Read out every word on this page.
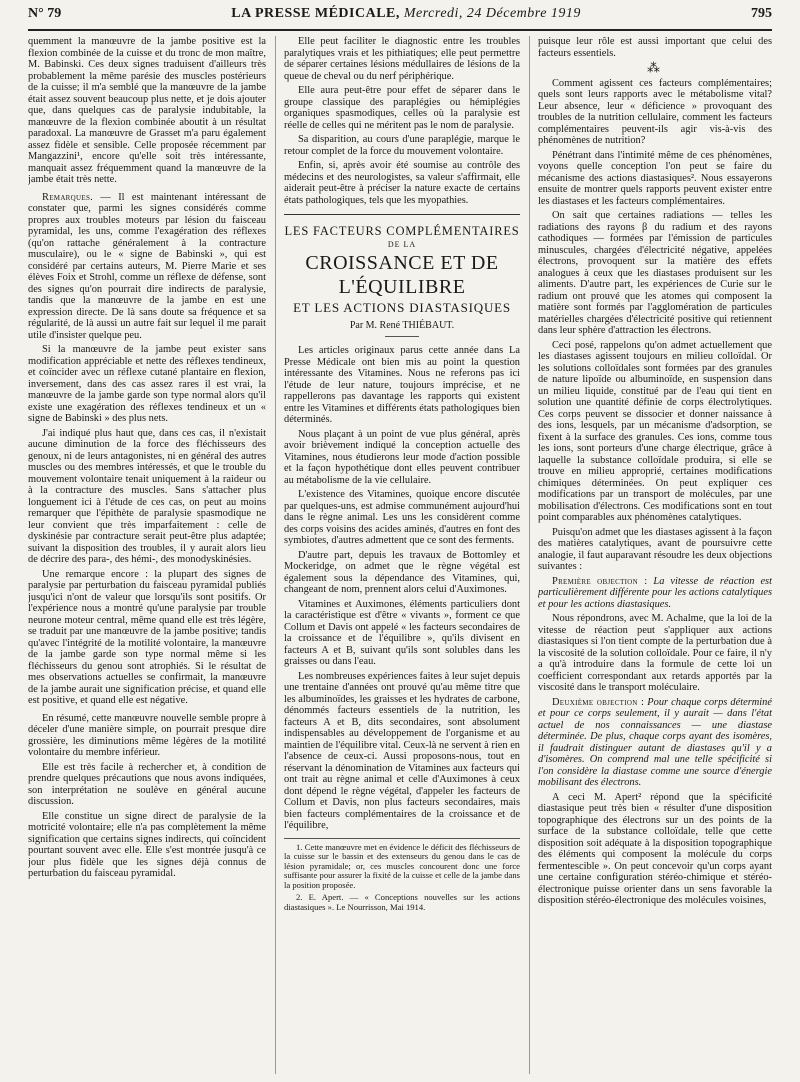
N° 79	LA PRESSE MÉDICALE, Mercredi, 24 Décembre 1919	795

quemment la manœuvre de la jambe positive est la flexion combinée de la cuisse et du tronc de mon maître, M. Babinski. Ces deux signes traduisent d'ailleurs très probablement la même parésie des muscles postérieurs de la cuisse; il m'a semblé que la manœuvre de la jambe était assez souvent beaucoup plus nette, et je dois ajouter que, dans quelques cas de paralysie indubitable, la manœuvre de la flexion combinée aboutit à un résultat paradoxal. La manœuvre de Grasset m'a paru également assez fidèle et sensible. Celle proposée récemment par Mangazzini¹, encore qu'elle soit très intéressante, manquait assez fréquemment quand la manœuvre de la jambe était très nette.

Remarques. — Il est maintenant intéressant de constater que, parmi les signes considérés comme propres aux troubles moteurs par lésion du faisceau pyramidal, les uns, comme l'exagération des réflexes (qu'on rattache généralement à la contracture musculaire), ou le « signe de Babinski », qui est considéré par certains auteurs, M. Pierre Marie et ses élèves Foix et Strohl, comme un réflexe de défense, sont des signes qu'on pourrait dire indirects de paralysie, tandis que la manœuvre de la jambe en est une expression directe. De là sans doute sa fréquence et sa régularité, de là aussi un autre fait sur lequel il me parait utile d'insister quelque peu.

Si la manœuvre de la jambe peut exister sans modification appréciable et nette des réflexes tendineux, et coïncider avec un réflexe cutané plantaire en flexion, inversement, dans des cas assez rares il est vrai, la manœuvre de la jambe garde son type normal alors qu'il existe une exagération des réflexes tendineux et un « signe de Babinski » des plus nets.

J'ai indiqué plus haut que, dans ces cas, il n'existait aucune diminution de la force des fléchisseurs des genoux, ni de leurs antagonistes, ni en général des autres muscles ou des membres intéressés, et que le trouble du mouvement volontaire tenait uniquement à la raideur ou à la contracture des muscles. Sans s'attacher plus longuement ici à l'étude de ces cas, on peut au moins remarquer que l'épithète de paralysie spasmodique ne leur convient que très imparfaitement : celle de dyskinésie par contracture serait peut-être plus adaptée; suivant la disposition des troubles, il y aurait alors lieu de décrire des para-, des hémi-, des monodyskinésies.

Une remarque encore : la plupart des signes de paralysie par perturbation du faisceau pyramidal publiés jusqu'ici n'ont de valeur que lorsqu'ils sont positifs. Or l'expérience nous a montré qu'une paralysie par trouble neurone moteur central, même quand elle est très légère, se traduit par une manœuvre de la jambe positive; tandis qu'avec l'intégrité de la motilité volontaire, la manœuvre de la jambe garde son type normal même si les fléchisseurs du genou sont atrophiés. Si le résultat de mes observations actuelles se confirmait, la manœuvre de la jambe aurait une signification précise, et quand elle est positive, et quand elle est négative.

En résumé, cette manœuvre nouvelle semble propre à déceler d'une manière simple, on pourrait presque dire grossière, les diminutions même légères de la motilité volontaire du membre inférieur.

Elle est très facile à rechercher et, à condition de prendre quelques précautions que nous avons indiquées, son interprétation ne soulève en général aucune discussion.

Elle constitue un signe direct de paralysie de la motricité volontaire; elle n'a pas complètement la même signification que certains signes indirects, qui coïncident pourtant souvent avec elle. Elle s'est montrée jusqu'à ce jour plus fidèle que les signes déjà connus de perturbation du faisceau pyramidal.

Elle peut faciliter le diagnostic entre les troubles paralytiques vrais et les pithiatiques; elle peut permettre de séparer certaines lésions médullaires de lésions de la queue de cheval ou du nerf périphérique.

Elle aura peut-être pour effet de séparer dans le groupe classique des paraplégies ou hémiplégies organiques spasmodiques, celles où la paralysie est réelle de celles qui ne méritent pas le nom de paralysie.

Sa disparition, au cours d'une paraplégie, marque le retour complet de la force du mouvement volontaire.

Enfin, si, après avoir été soumise au contrôle des médecins et des neurologistes, sa valeur s'affirmait, elle aiderait peut-être à préciser la nature exacte de certains états pathologiques, tels que les myopathies.

LES FACTEURS COMPLÉMENTAIRES
DE LA
CROISSANCE ET DE L'ÉQUILIBRE
ET LES ACTIONS DIASTASIQUES
Par M. René THIÉBAUT.

Les articles originaux parus cette année dans La Presse Médicale ont bien mis au point la question intéressante des Vitamines. Nous ne referons pas ici l'étude de leur nature, toujours imprécise, et ne rappellerons pas davantage les rapports qui existent entre les Vitamines et différents états pathologiques bien déterminés.

Nous plaçant à un point de vue plus général, après avoir brièvement indiqué la conception actuelle des Vitamines, nous étudierons leur mode d'action possible et la façon hypothétique dont elles peuvent contribuer au métabolisme de la vie cellulaire.

L'existence des Vitamines, quoique encore discutée par quelques-uns, est admise communément aujourd'hui dans le règne animal. Les uns les considèrent comme des corps voisins des acides aminés, d'autres en font des symbiotes, d'autres admettent que ce sont des ferments.

D'autre part, depuis les travaux de Bottomley et Mockeridge, on admet que le règne végétal est également sous la dépendance des Vitamines, qui, changeant de nom, prennent alors celui d'Auximones.

Vitamines et Auximones, éléments particuliers dont la caractéristique est d'être « vivants », forment ce que Collum et Davis ont appelé « les facteurs secondaires de la croissance et de l'équilibre », qu'ils divisent en facteurs A et B, suivant qu'ils sont solubles dans les graisses ou dans l'eau.

Les nombreuses expériences faites à leur sujet depuis une trentaine d'années ont prouvé qu'au même titre que les albuminoïdes, les graisses et les hydrates de carbone, dénommés facteurs essentiels de la nutrition, les facteurs A et B, dits secondaires, sont absolument indispensables au développement de l'organisme et au maintien de l'équilibre vital. Ceux-là ne servent à rien en l'absence de ceux-ci. Aussi proposons-nous, tout en réservant la dénomination de Vitamines aux facteurs qui ont trait au règne animal et celle d'Auximones à ceux dont dépend le règne végétal, d'appeler les facteurs de Collum et Davis, non plus facteurs secondaires, mais bien facteurs complémentaires de la croissance et de l'équilibre,

1. Cette manœuvre met en évidence le déficit des fléchisseurs de la cuisse sur le bassin et des extenseurs du genou dans le cas de lésion pyramidale; or, ces muscles concourent donc une force suffisante pour assurer la fixité de la cuisse et celle de la jambe dans la position proposée.

2. E. Apert. — « Conceptions nouvelles sur les actions diastasiques ». Le Nourrisson, Mai 1914.

puisque leur rôle est aussi important que celui des facteurs essentiels.

⁂

Comment agissent ces facteurs complémentaires; quels sont leurs rapports avec le métabolisme vital? Leur absence, leur « déficience » provoquant des troubles de la nutrition cellulaire, comment les facteurs complémentaires peuvent-ils agir vis-à-vis des phénomènes de nutrition?

Pénétrant dans l'intimité même de ces phénomènes, voyons quelle conception l'on peut se faire du mécanisme des actions diastasiques². Nous essayerons ensuite de montrer quels rapports peuvent exister entre les diastases et les facteurs complémentaires.

On sait que certaines radiations — telles les radiations des rayons β du radium et des rayons cathodiques — formées par l'émission de particules minuscules, chargées d'électricité négative, appelées électrons, provoquent sur la matière des effets analogues à ceux que les diastases produisent sur les aliments. D'autre part, les expériences de Curie sur le radium ont prouvé que les atomes qui composent la matière sont formés par l'agglomération de particules matérielles chargées d'électricité positive qui retiennent dans leur sphère d'attraction les électrons.

Ceci posé, rappelons qu'on admet actuellement que les diastases agissent toujours en milieu colloïdal. Or les solutions colloïdales sont formées par des granules de nature lipoïde ou albuminoïde, en suspension dans un milieu liquide, constitué par de l'eau qui tient en solution une quantité définie de corps électrolytiques. Ces corps peuvent se dissocier et donner naissance à des ions, lesquels, par un mécanisme d'adsorption, se fixent à la surface des granules. Ces ions, comme tous les ions, sont porteurs d'une charge électrique, grâce à laquelle la substance colloïdale produira, si elle se trouve en milieu approprié, certaines modifications chimiques déterminées. On peut expliquer ces modifications par un transport de molécules, par une mobilisation d'électrons. Ces modifications sont en tout point comparables aux phénomènes catalytiques.

Puisqu'on admet que les diastases agissent à la façon des matières catalytiques, avant de poursuivre cette analogie, il faut auparavant résoudre les deux objections suivantes :

Première objection : La vitesse de réaction est particulièrement différente pour les actions catalytiques et pour les actions diastasiques.

Nous répondrons, avec M. Achalme, que la loi de la vitesse de réaction peut s'appliquer aux actions diastasiques si l'on tient compte de la perturbation due à la viscosité de la solution colloïdale. Pour ce faire, il n'y a qu'à introduire dans la formule de cette loi un coefficient correspondant aux retards apportés par la viscosité dans le transport moléculaire.

Deuxième objection : Pour chaque corps déterminé et pour ce corps seulement, il y aurait — dans l'état actuel de nos connaissances — une diastase déterminée. De plus, chaque corps ayant des isomères, il faudrait distinguer autant de diastases qu'il y a d'isomères. On comprend mal une telle spécificité si l'on considère la diastase comme une source d'énergie mobilisant des électrons.

A ceci M. Apert² répond que la spécificité diastasique peut très bien « résulter d'une disposition topographique des électrons sur un des points de la surface de la substance colloïdale, telle que cette disposition soit adéquate à la disposition topographique des éléments qui composent la molécule du corps fermentescible ». On peut concevoir qu'un corps ayant une certaine configuration stéréo-chimique et stéréo-électronique puisse orienter dans un sens favorable la disposition stéréo-électronique des molécules voisines,
